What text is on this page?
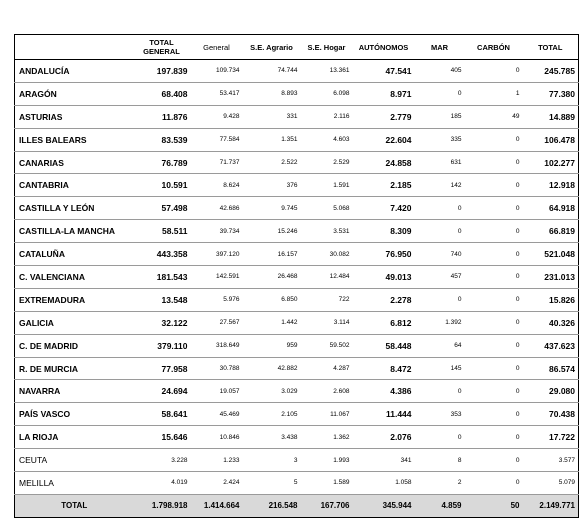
	TOTAL GENERAL	General	S.E. Agrario	S.E. Hogar	AUTÓNOMOS	MAR	CARBÓN	TOTAL
ANDALUCÍA	197.839	109.734	74.744	13.361	47.541	405	0	245.785
ARAGÓN	68.408	53.417	8.893	6.098	8.971	0	1	77.380
ASTURIAS	11.876	9.428	331	2.116	2.779	185	49	14.889
ILLES BALEARS	83.539	77.584	1.351	4.603	22.604	335	0	106.478
CANARIAS	76.789	71.737	2.522	2.529	24.858	631	0	102.277
CANTABRIA	10.591	8.624	376	1.591	2.185	142	0	12.918
CASTILLA Y LEÓN	57.498	42.686	9.745	5.068	7.420	0	0	64.918
CASTILLA-LA MANCHA	58.511	39.734	15.246	3.531	8.309	0	0	66.819
CATALUÑA	443.358	397.120	16.157	30.082	76.950	740	0	521.048
C. VALENCIANA	181.543	142.591	26.468	12.484	49.013	457	0	231.013
EXTREMADURA	13.548	5.976	6.850	722	2.278	0	0	15.826
GALICIA	32.122	27.567	1.442	3.114	6.812	1.392	0	40.326
C. DE MADRID	379.110	318.649	959	59.502	58.448	64	0	437.623
R. DE MURCIA	77.958	30.788	42.882	4.287	8.472	145	0	86.574
NAVARRA	24.694	19.057	3.029	2.608	4.386	0	0	29.080
PAÍS VASCO	58.641	45.469	2.105	11.067	11.444	353	0	70.438
LA RIOJA	15.646	10.846	3.438	1.362	2.076	0	0	17.722
CEUTA	3.228	1.233	3	1.993	341	8	0	3.577
MELILLA	4.019	2.424	5	1.589	1.058	2	0	5.079
TOTAL	1.798.918	1.414.664	216.548	167.706	345.944	4.859	50	2.149.771
